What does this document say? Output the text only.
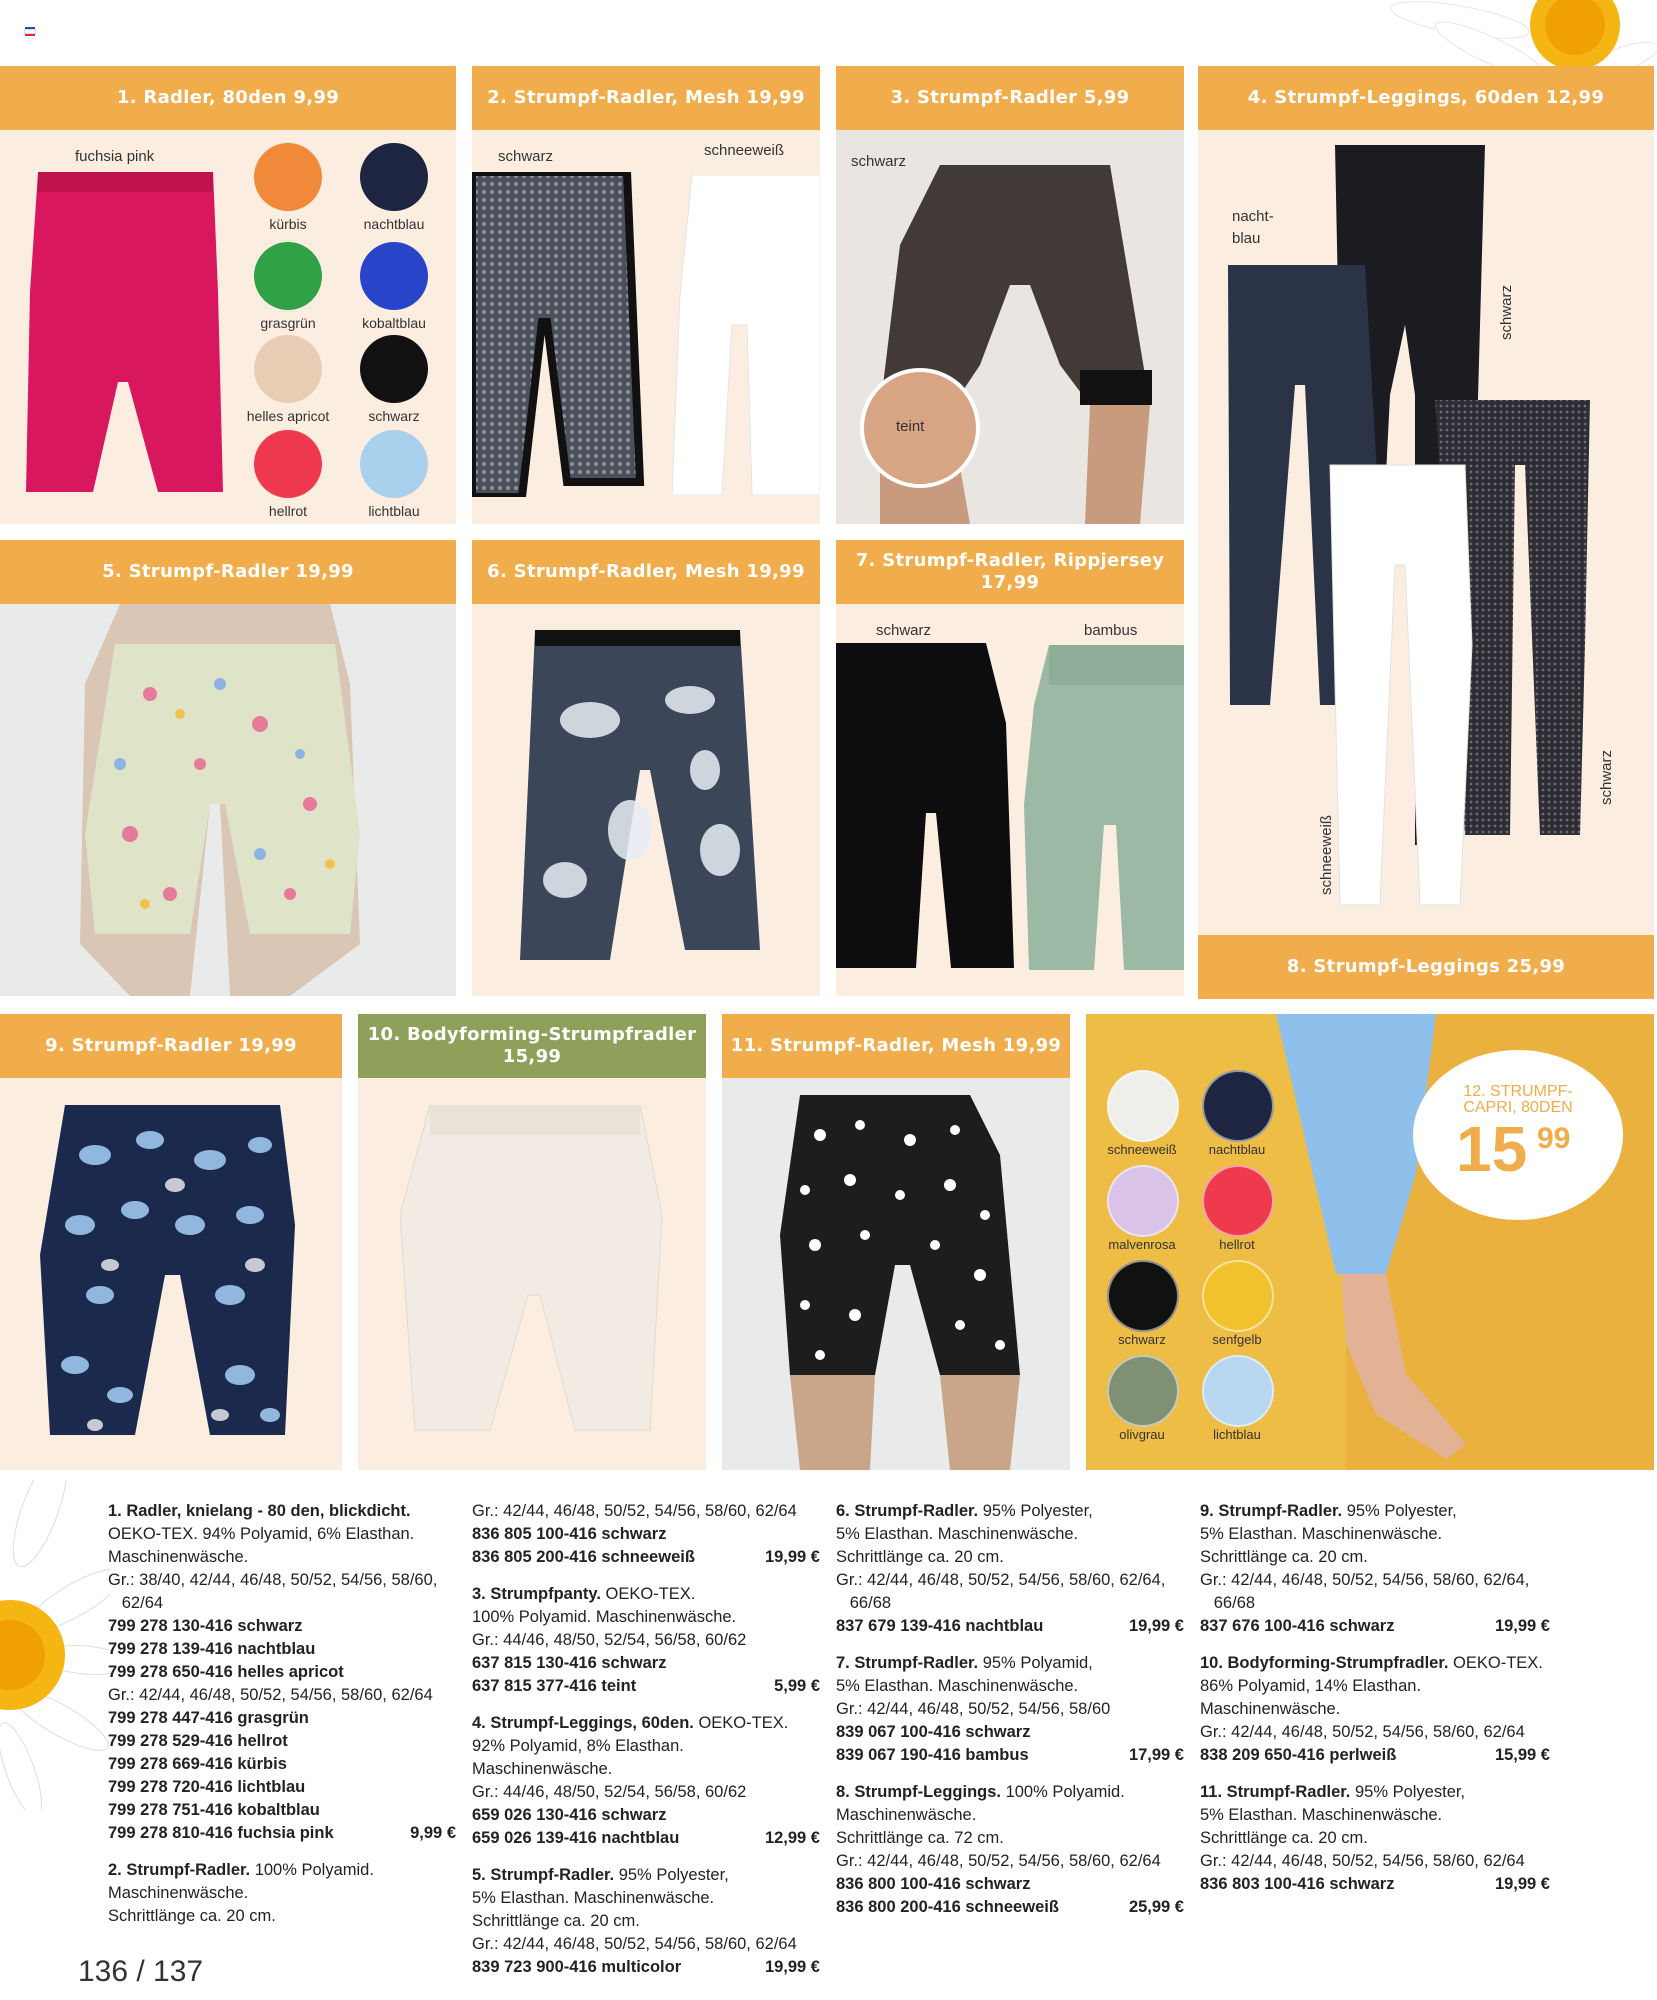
1. Radler, 80den 9,99
fuchsia pink
2. Strumpf-Radler, Mesh 19,99
schwarz	schneeweiß
3. Strumpf-Radler 5,99
schwarz
teint
4. Strumpf-Leggings, 60den 12,99
nacht-
blau
schwarz
schneeweiß
schwarz
8. Strumpf-Leggings 25,99
5. Strumpf-Radler 19,99	6. Strumpf-Radler, Mesh 19,99
7. Strumpf-Radler, Rippjersey 17,99
schwarz	bambus
9. Strumpf-Radler 19,99
10. Bodyforming-Strumpfradler 15,99
11. Strumpf-Radler, Mesh 19,99
12. STRUMPF-CAPRI, 80DEN
15 99
1. Radler, knielang - 80 den, blickdicht.
OEKO-TEX. 94% Polyamid, 6% Elasthan.
Maschinenwäsche.
Gr.: 38/40, 42/44, 46/48, 50/52, 54/56, 58/60,
62/64
799 278 130-416 schwarz
799 278 139-416 nachtblau
799 278 650-416 helles apricot
Gr.: 42/44, 46/48, 50/52, 54/56, 58/60, 62/64
799 278 447-416 grasgrün
799 278 529-416 hellrot
799 278 669-416 kürbis
799 278 720-416 lichtblau
799 278 751-416 kobaltblau
799 278 810-416 fuchsia pink	9,99 €
2. Strumpf-Radler. 100% Polyamid.
Maschinenwäsche.
Schrittlänge ca. 20 cm.
Gr.: 42/44, 46/48, 50/52, 54/56, 58/60, 62/64
836 805 100-416 schwarz
836 805 200-416 schneeweiß	19,99 €
3. Strumpfpanty. OEKO-TEX.
100% Polyamid. Maschinenwäsche.
Gr.: 44/46, 48/50, 52/54, 56/58, 60/62
637 815 130-416 schwarz
637 815 377-416 teint	5,99 €
4. Strumpf-Leggings, 60den. OEKO-TEX.
92% Polyamid, 8% Elasthan.
Maschinenwäsche.
Gr.: 44/46, 48/50, 52/54, 56/58, 60/62
659 026 130-416 schwarz
659 026 139-416 nachtblau	12,99 €
5. Strumpf-Radler. 95% Polyester,
5% Elasthan. Maschinenwäsche.
Schrittlänge ca. 20 cm.
Gr.: 42/44, 46/48, 50/52, 54/56, 58/60, 62/64
839 723 900-416 multicolor	19,99 €
6. Strumpf-Radler. 95% Polyester,
5% Elasthan. Maschinenwäsche.
Schrittlänge ca. 20 cm.
Gr.: 42/44, 46/48, 50/52, 54/56, 58/60, 62/64,
66/68
837 679 139-416 nachtblau	19,99 €
7. Strumpf-Radler. 95% Polyamid,
5% Elasthan. Maschinenwäsche.
Gr.: 42/44, 46/48, 50/52, 54/56, 58/60
839 067 100-416 schwarz
839 067 190-416 bambus	17,99 €
8. Strumpf-Leggings. 100% Polyamid.
Maschinenwäsche.
Schrittlänge ca. 72 cm.
Gr.: 42/44, 46/48, 50/52, 54/56, 58/60, 62/64
836 800 100-416 schwarz
836 800 200-416 schneeweiß	25,99 €
9. Strumpf-Radler. 95% Polyester,
5% Elasthan. Maschinenwäsche.
Schrittlänge ca. 20 cm.
Gr.: 42/44, 46/48, 50/52, 54/56, 58/60, 62/64,
66/68
837 676 100-416 schwarz	19,99 €
10. Bodyforming-Strumpfradler. OEKO-TEX.
86% Polyamid, 14% Elasthan.
Maschinenwäsche.
Gr.: 42/44, 46/48, 50/52, 54/56, 58/60, 62/64
838 209 650-416 perlweiß	15,99 €
11. Strumpf-Radler. 95% Polyester,
5% Elasthan. Maschinenwäsche.
Schrittlänge ca. 20 cm.
Gr.: 42/44, 46/48, 50/52, 54/56, 58/60, 62/64
836 803 100-416 schwarz	19,99 €
136 / 137
kürbis	nachtblau
grasgrün	kobaltblau
helles apricot	schwarz
hellrot	lichtblau
schneeweiß	nachtblau
malvenrosa	hellrot
schwarz	senfgelb
olivgrau	lichtblau
